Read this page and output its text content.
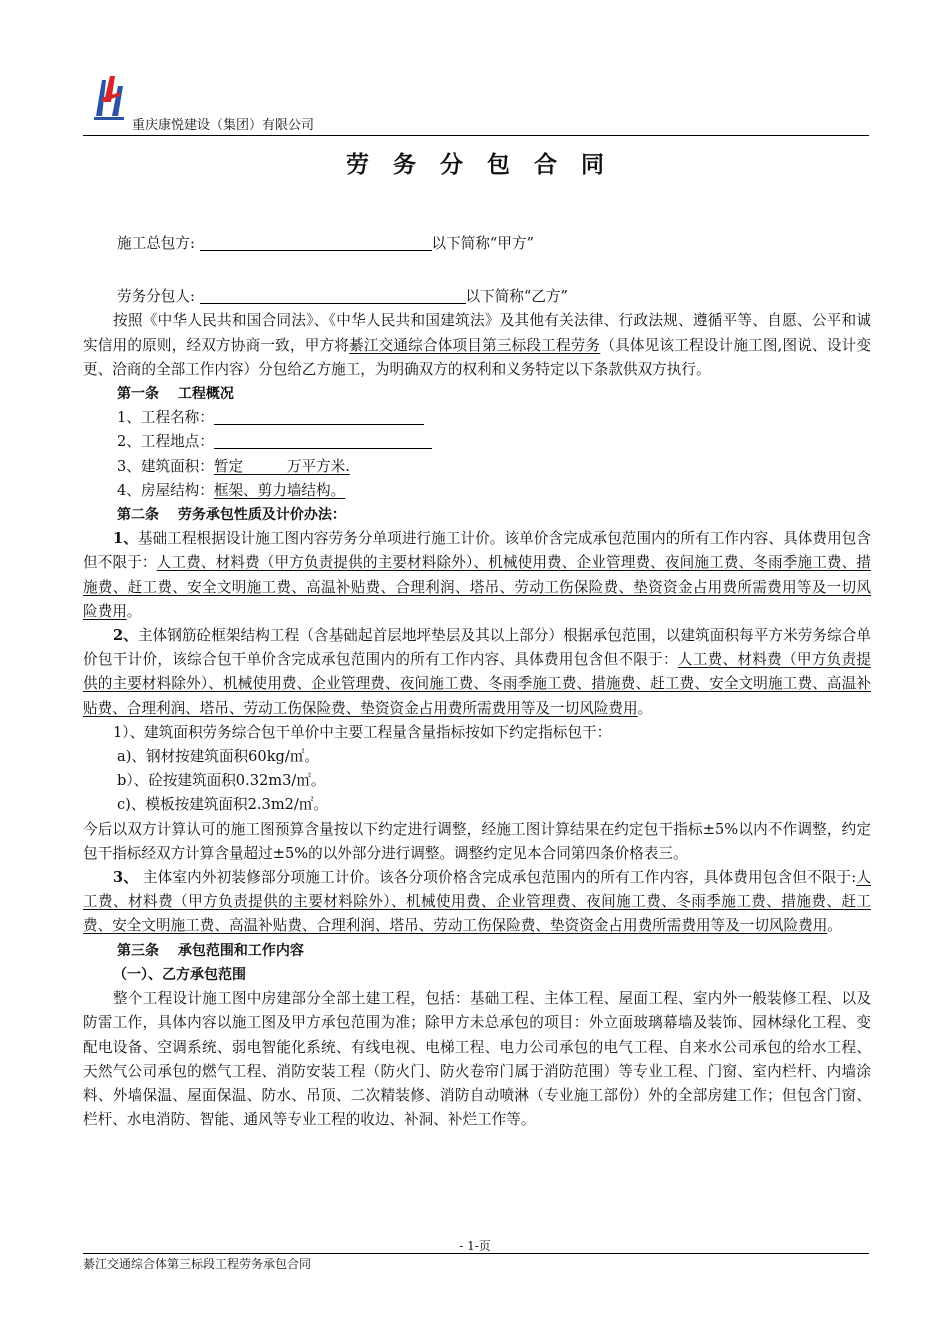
重庆康悦建设（集团）有限公司
劳务分包合同
施工总包方:	以下简称“甲方”
劳务分包人:	以下简称“乙方”

按照《中华人民共和国合同法》、《中华人民共和国建筑法》及其他有关法律、行政法规、遵循平等、自愿、公平和诚实信用的原则，经双方协商一致，甲方将綦江交通综合体项目第三标段工程劳务（具体见该工程设计施工图,图说、设计变更、洽商的全部工作内容）分包给乙方施工，为明确双方的权利和义务特定以下条款供双方执行。

第一条　 工程概况
1、工程名称：
2、工程地点：
3、建筑面积：暂定　　　万平方米.
4、房屋结构：框架、剪力墙结构。
第二条　 劳务承包性质及计价办法：

1、基础工程根据设计施工图内容劳务分单项进行施工计价。该单价含完成承包范围内的所有工作内容、具体费用包含但不限于：人工费、材料费（甲方负责提供的主要材料除外）、机械使用费、企业管理费、夜间施工费、冬雨季施工费、措施费、赶工费、安全文明施工费、高温补贴费、合理利润、塔吊、劳动工伤保险费、垫资资金占用费所需费用等及一切风险费用。

2、主体钢筋砼框架结构工程（含基础起首层地坪垫层及其以上部分）根据承包范围，以建筑面积每平方米劳务综合单价包干计价，该综合包干单价含完成承包范围内的所有工作内容、具体费用包含但不限于：人工费、材料费（甲方负责提供的主要材料除外）、机械使用费、企业管理费、夜间施工费、冬雨季施工费、措施费、赶工费、安全文明施工费、高温补贴费、合理利润、塔吊、劳动工伤保险费、垫资资金占用费所需费用等及一切风险费用。

1）、建筑面积劳务综合包干单价中主要工程量含量指标按如下约定指标包干：
a)、钢材按建筑面积60kg/㎡。
b）、砼按建筑面积0.32m3/㎡。
c)、模板按建筑面积2.3m2/㎡。

今后以双方计算认可的施工图预算含量按以下约定进行调整，经施工图计算结果在约定包干指标±5%以内不作调整，约定包干指标经双方计算含量超过±5%的以外部分进行调整。调整约定见本合同第四条价格表三。

3、 主体室内外初装修部分项施工计价。该各分项价格含完成承包范围内的所有工作内容，具体费用包含但不限于:人工费、材料费（甲方负责提供的主要材料除外）、机械使用费、企业管理费、夜间施工费、冬雨季施工费、措施费、赶工费、安全文明施工费、高温补贴费、合理利润、塔吊、劳动工伤保险费、垫资资金占用费所需费用等及一切风险费用。

第三条　 承包范围和工作内容
（一）、乙方承包范围

整个工程设计施工图中房建部分全部土建工程，包括：基础工程、主体工程、屋面工程、室内外一般装修工程、以及防雷工作，具体内容以施工图及甲方承包范围为准；除甲方未总承包的项目：外立面玻璃幕墙及装饰、园林绿化工程、变配电设备、空调系统、弱电智能化系统、有线电视、电梯工程、电力公司承包的电气工程、自来水公司承包的给水工程、天然气公司承包的燃气工程、消防安装工程（防火门、防火卷帘门属于消防范围）等专业工程、门窗、室内栏杆、内墙涂料、外墙保温、屋面保温、防水、吊顶、二次精装修、消防自动喷淋（专业施工部份）外的全部房建工作；但包含门窗、栏杆、水电消防、智能、通风等专业工程的收边、补洞、补烂工作等。

- 1-页
綦江交通综合体第三标段工程劳务承包合同
